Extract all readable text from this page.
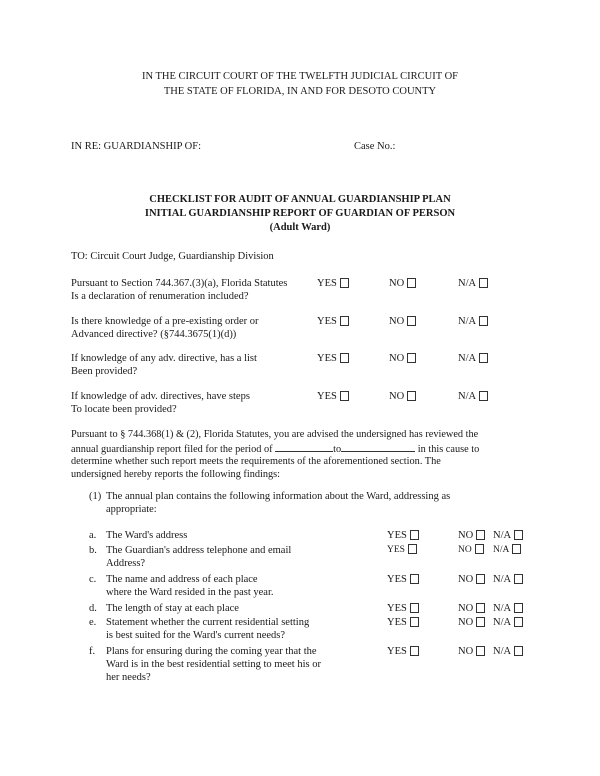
IN THE CIRCUIT COURT OF THE TWELFTH JUDICIAL CIRCUIT OF
THE STATE OF FLORIDA, IN AND FOR DESOTO COUNTY
IN RE: GUARDIANSHIP OF:	Case No.:
CHECKLIST FOR AUDIT OF ANNUAL GUARDIANSHIP PLAN
INITIAL GUARDIANSHIP REPORT OF GUARDIAN OF PERSON
(Adult Ward)
TO: Circuit Court Judge, Guardianship Division
Pursuant to Section 744.367.(3)(a), Florida Statutes
Is a declaration of renumeration included?
YES	NO	N/A
Is there knowledge of a pre-existing order or
Advanced directive? (§744.3675(1)(d))
YES	NO	N/A
If knowledge of any adv. directive, has a list
Been provided?
YES	NO	N/A
If knowledge of adv. directives, have steps
To locate been provided?
YES	NO	N/A
Pursuant to § 744.368(1) & (2), Florida Statutes, you are advised the undersigned has reviewed the
annual guardianship report filed for the period of	to	in this cause to
determine whether such report meets the requirements of the aforementioned section. The
undersigned hereby reports the following findings:
(1) The annual plan contains the following information about the Ward, addressing as
appropriate:
a. The Ward's address	YES	NO	N/A
b. The Guardian's address telephone and email
Address?
YES	NO	N/A
c. The name and address of each place
where the Ward resided in the past year.
YES	NO	N/A
d. The length of stay at each place	YES	NO	N/A
e. Statement whether the current residential setting
is best suited for the Ward's current needs?
YES	NO	N/A
f. Plans for ensuring during the coming year that the
Ward is in the best residential setting to meet his or
her needs?
YES	NO	N/A
